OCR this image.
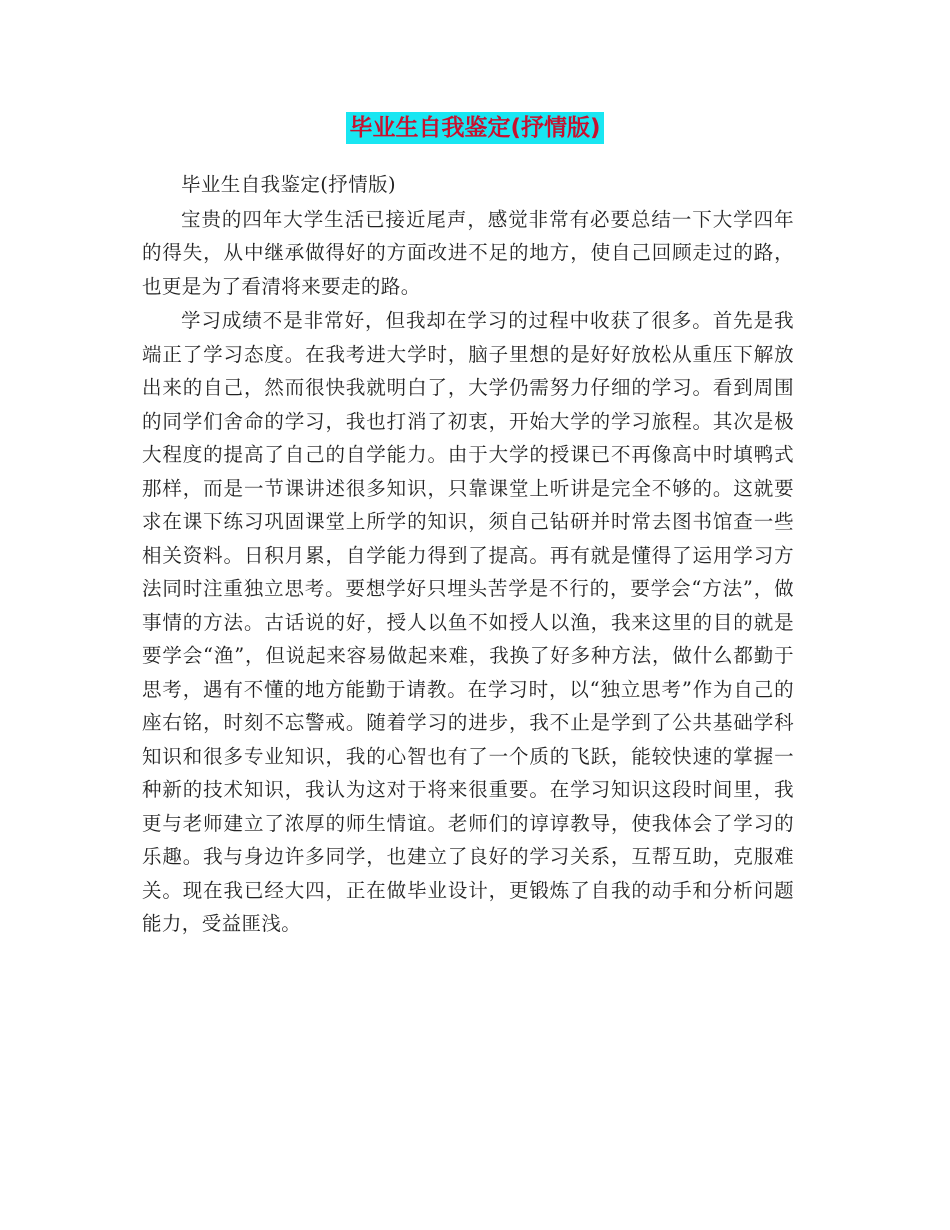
毕业生自我鉴定(抒情版)

毕业生自我鉴定(抒情版)

宝贵的四年大学生活已接近尾声，感觉非常有必要总结一下大学四年的得失，从中继承做得好的方面改进不足的地方，使自己回顾走过的路，也更是为了看清将来要走的路。

学习成绩不是非常好，但我却在学习的过程中收获了很多。首先是我端正了学习态度。在我考进大学时，脑子里想的是好好放松从重压下解放出来的自己，然而很快我就明白了，大学仍需努力仔细的学习。看到周围的同学们舍命的学习，我也打消了初衷，开始大学的学习旅程。其次是极大程度的提高了自己的自学能力。由于大学的授课已不再像高中时填鸭式那样，而是一节课讲述很多知识，只靠课堂上听讲是完全不够的。这就要求在课下练习巩固课堂上所学的知识，须自己钻研并时常去图书馆查一些相关资料。日积月累，自学能力得到了提高。再有就是懂得了运用学习方法同时注重独立思考。要想学好只埋头苦学是不行的，要学会“方法”，做事情的方法。古话说的好，授人以鱼不如授人以渔，我来这里的目的就是要学会“渔”，但说起来容易做起来难，我换了好多种方法，做什么都勤于思考，遇有不懂的地方能勤于请教。在学习时，以“独立思考”作为自己的座右铭，时刻不忘警戒。随着学习的进步，我不止是学到了公共基础学科知识和很多专业知识，我的心智也有了一个质的飞跃，能较快速的掌握一种新的技术知识，我认为这对于将来很重要。在学习知识这段时间里，我更与老师建立了浓厚的师生情谊。老师们的谆谆教导，使我体会了学习的乐趣。我与身边许多同学，也建立了良好的学习关系，互帮互助，克服难关。现在我已经大四，正在做毕业设计，更锻炼了自我的动手和分析问题能力，受益匪浅。
